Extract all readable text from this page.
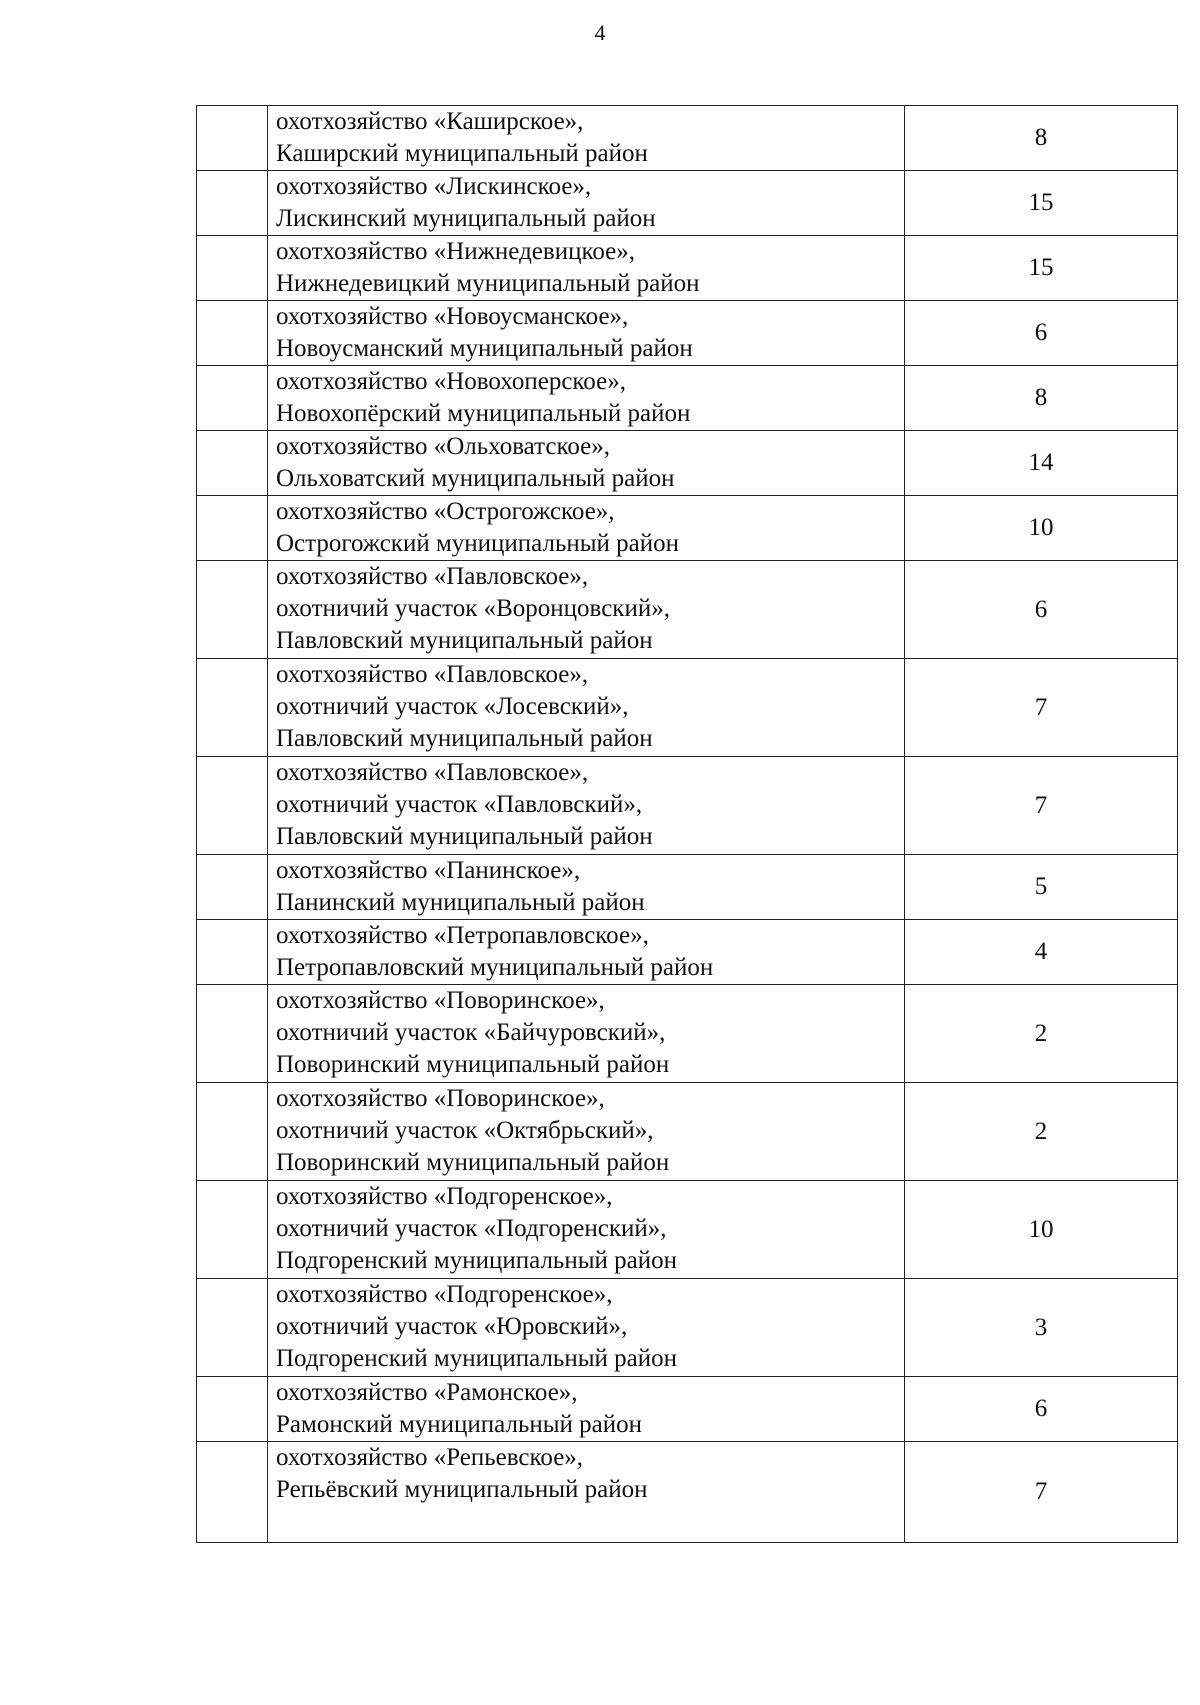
4

	охотхозяйство «Каширское»,
Каширский муниципальный район	8

	охотхозяйство «Лискинское»,
Лискинский муниципальный район	15

	охотхозяйство «Нижнедевицкое»,
Нижнедевицкий муниципальный район	15

	охотхозяйство «Новоусманское»,
Новоусманский муниципальный район	6

	охотхозяйство «Новохоперское»,
Новохопёрский муниципальный район	8

	охотхозяйство «Ольховатское»,
Ольховатский муниципальный район	14

	охотхозяйство «Острогожское»,
Острогожский муниципальный район	10

	охотхозяйство «Павловское»,
охотничий участок «Воронцовский»,
Павловский муниципальный район	6

	охотхозяйство «Павловское»,
охотничий участок «Лосевский»,
Павловский муниципальный район	7

	охотхозяйство «Павловское»,
охотничий участок «Павловский»,
Павловский муниципальный район	7

	охотхозяйство «Панинское»,
Панинский муниципальный район	5

	охотхозяйство «Петропавловское»,
Петропавловский муниципальный район	4

	охотхозяйство «Поворинское»,
охотничий участок «Байчуровский»,
Поворинский муниципальный район	2

	охотхозяйство «Поворинское»,
охотничий участок «Октябрьский»,
Поворинский муниципальный район	2

	охотхозяйство «Подгоренское»,
охотничий участок «Подгоренский»,
Подгоренский муниципальный район	10

	охотхозяйство «Подгоренское»,
охотничий участок «Юровский»,
Подгоренский муниципальный район	3

	охотхозяйство «Рамонское»,
Рамонский муниципальный район	6

	охотхозяйство «Репьевское»,
Репьёвский муниципальный район	7
